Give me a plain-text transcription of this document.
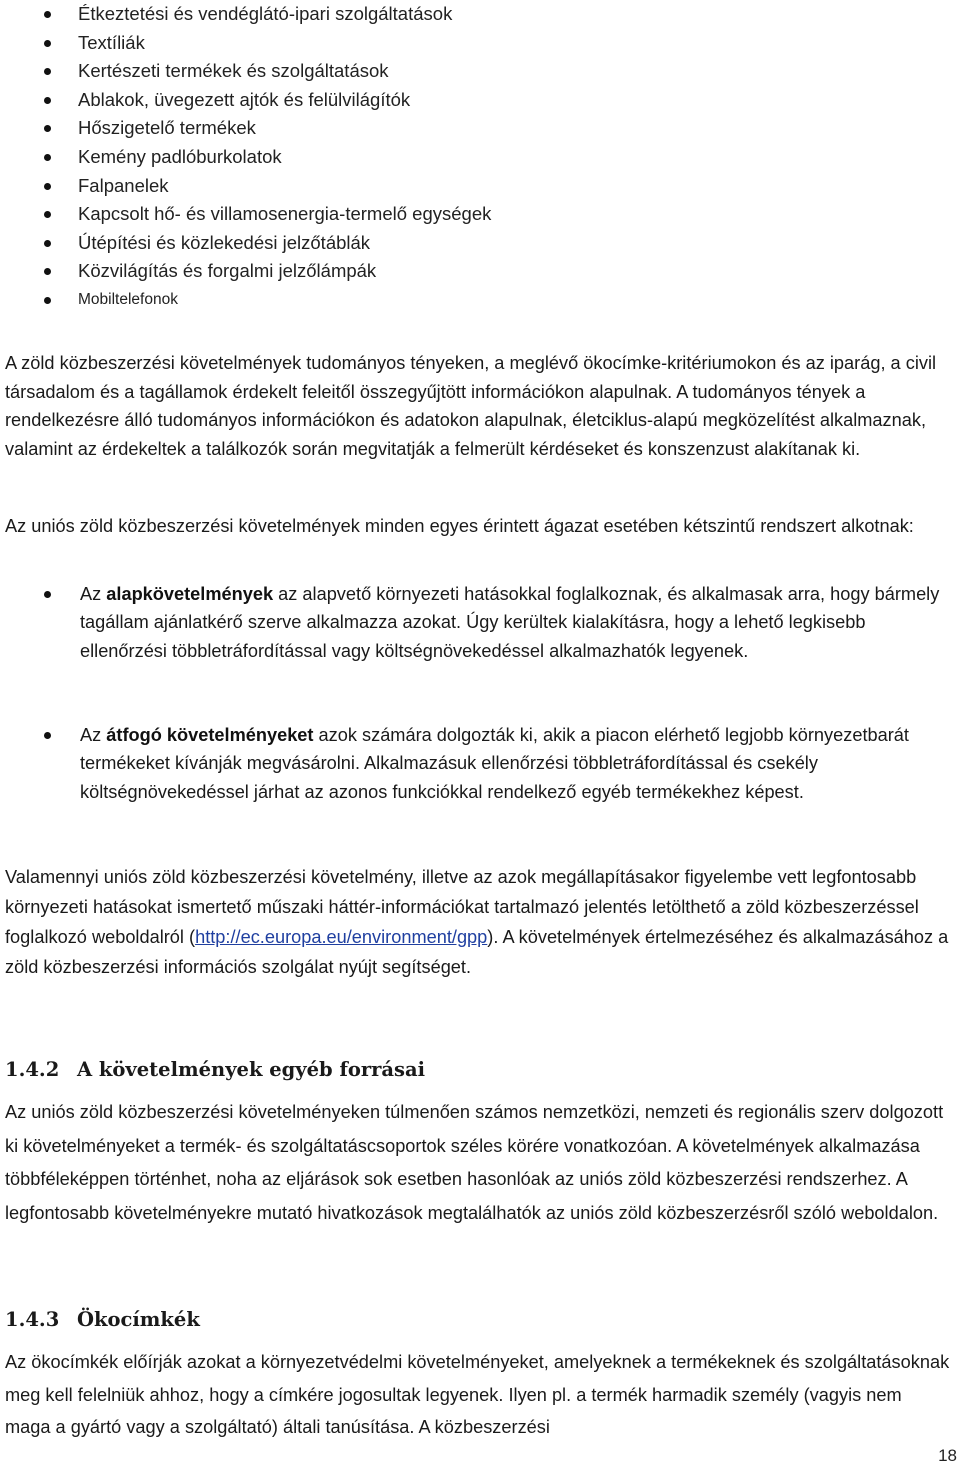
Étkeztetési és vendéglátó-ipari szolgáltatások
Textíliák
Kertészeti termékek és szolgáltatások
Ablakok, üvegezett ajtók és felülvilágítók
Hőszigetelő termékek
Kemény padlóburkolatok
Falpanelek
Kapcsolt hő- és villamosenergia-termelő egységek
Útépítési és közlekedési jelzőtáblák
Közvilágítás és forgalmi jelzőlámpák
Mobiltelefonok

A zöld közbeszerzési követelmények tudományos tényeken, a meglévő ökocímke-kritériumokon és az iparág, a civil társadalom és a tagállamok érdekelt feleitől összegyűjtött információkon alapulnak. A tudományos tények a rendelkezésre álló tudományos információkon és adatokon alapulnak, életciklus-alapú megközelítést alkalmaznak, valamint az érdekeltek a találkozók során megvitatják a felmerült kérdéseket és konszenzust alakítanak ki.

Az uniós zöld közbeszerzési követelmények minden egyes érintett ágazat esetében kétszintű rendszert alkotnak:

Az alapkövetelmények az alapvető környezeti hatásokkal foglalkoznak, és alkalmasak arra, hogy bármely tagállam ajánlatkérő szerve alkalmazza azokat. Úgy kerültek kialakításra, hogy a lehető legkisebb ellenőrzési többletráfordítással vagy költségnövekedéssel alkalmazhatók legyenek.
Az átfogó követelményeket azok számára dolgozták ki, akik a piacon elérhető legjobb környezetbarát termékeket kívánják megvásárolni. Alkalmazásuk ellenőrzési többletráfordítással és csekély költségnövekedéssel járhat az azonos funkciókkal rendelkező egyéb termékekhez képest.

Valamennyi uniós zöld közbeszerzési követelmény, illetve az azok megállapításakor figyelembe vett legfontosabb környezeti hatásokat ismertető műszaki háttér-információkat tartalmazó jelentés letölthető a zöld közbeszerzéssel foglalkozó weboldalról (http://ec.europa.eu/environment/gpp). A követelmények értelmezéséhez és alkalmazásához a zöld közbeszerzési információs szolgálat nyújt segítséget.

1.4.2 A követelmények egyéb forrásai

Az uniós zöld közbeszerzési követelményeken túlmenően számos nemzetközi, nemzeti és regionális szerv dolgozott ki követelményeket a termék- és szolgáltatáscsoportok széles körére vonatkozóan. A követelmények alkalmazása többféleképpen történhet, noha az eljárások sok esetben hasonlóak az uniós zöld közbeszerzési rendszerhez. A legfontosabb követelményekre mutató hivatkozások megtalálhatók az uniós zöld közbeszerzésről szóló weboldalon.

1.4.3 Ökocímkék

Az ökocímkék előírják azokat a környezetvédelmi követelményeket, amelyeknek a termékeknek és szolgáltatásoknak meg kell felelniük ahhoz, hogy a címkére jogosultak legyenek. Ilyen pl. a termék harmadik személy (vagyis nem maga a gyártó vagy a szolgáltató) általi tanúsítása. A közbeszerzési

18
